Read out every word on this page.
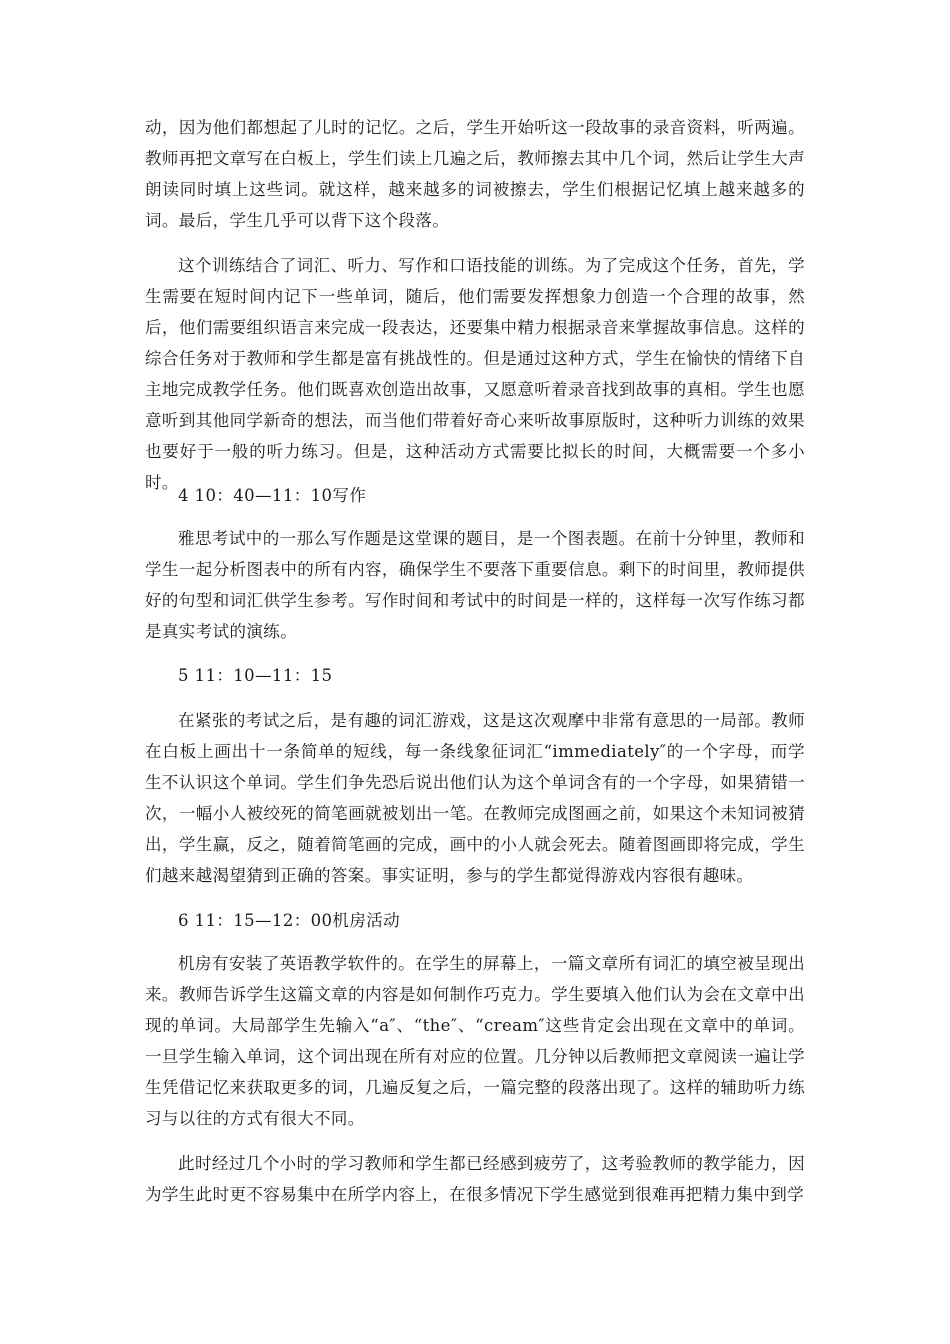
动，因为他们都想起了儿时的记忆。之后，学生开始听这一段故事的录音资料，听两遍。教师再把文章写在白板上，学生们读上几遍之后，教师擦去其中几个词，然后让学生大声朗读同时填上这些词。就这样，越来越多的词被擦去，学生们根据记忆填上越来越多的词。最后，学生几乎可以背下这个段落。

这个训练结合了词汇、听力、写作和口语技能的训练。为了完成这个任务，首先，学生需要在短时间内记下一些单词，随后，他们需要发挥想象力创造一个合理的故事，然后，他们需要组织语言来完成一段表达，还要集中精力根据录音来掌握故事信息。这样的综合任务对于教师和学生都是富有挑战性的。但是通过这种方式，学生在愉快的情绪下自主地完成教学任务。他们既喜欢创造出故事，又愿意听着录音找到故事的真相。学生也愿意听到其他同学新奇的想法，而当他们带着好奇心来听故事原版时，这种听力训练的效果也要好于一般的听力练习。但是，这种活动方式需要比拟长的时间，大概需要一个多小时。

4 10：40—11：10写作

雅思考试中的一那么写作题是这堂课的题目，是一个图表题。在前十分钟里，教师和学生一起分析图表中的所有内容，确保学生不要落下重要信息。剩下的时间里，教师提供好的句型和词汇供学生参考。写作时间和考试中的时间是一样的，这样每一次写作练习都是真实考试的演练。

5 11：10—11：15

在紧张的考试之后，是有趣的词汇游戏，这是这次观摩中非常有意思的一局部。教师在白板上画出十一条简单的短线，每一条线象征词汇“immediately″的一个字母，而学生不认识这个单词。学生们争先恐后说出他们认为这个单词含有的一个字母，如果猜错一次，一幅小人被绞死的简笔画就被划出一笔。在教师完成图画之前，如果这个未知词被猜出，学生赢，反之，随着简笔画的完成，画中的小人就会死去。随着图画即将完成，学生们越来越渴望猜到正确的答案。事实证明，参与的学生都觉得游戏内容很有趣味。

6 11：15—12：00机房活动

机房有安装了英语教学软件的。在学生的屏幕上，一篇文章所有词汇的填空被呈现出来。教师告诉学生这篇文章的内容是如何制作巧克力。学生要填入他们认为会在文章中出现的单词。大局部学生先输入“a″、“the″、“cream″这些肯定会出现在文章中的单词。一旦学生输入单词，这个词出现在所有对应的位置。几分钟以后教师把文章阅读一遍让学生凭借记忆来获取更多的词，几遍反复之后，一篇完整的段落出现了。这样的辅助听力练习与以往的方式有很大不同。

此时经过几个小时的学习教师和学生都已经感到疲劳了，这考验教师的教学能力，因为学生此时更不容易集中在所学内容上，在很多情况下学生感觉到很难再把精力集中到学
